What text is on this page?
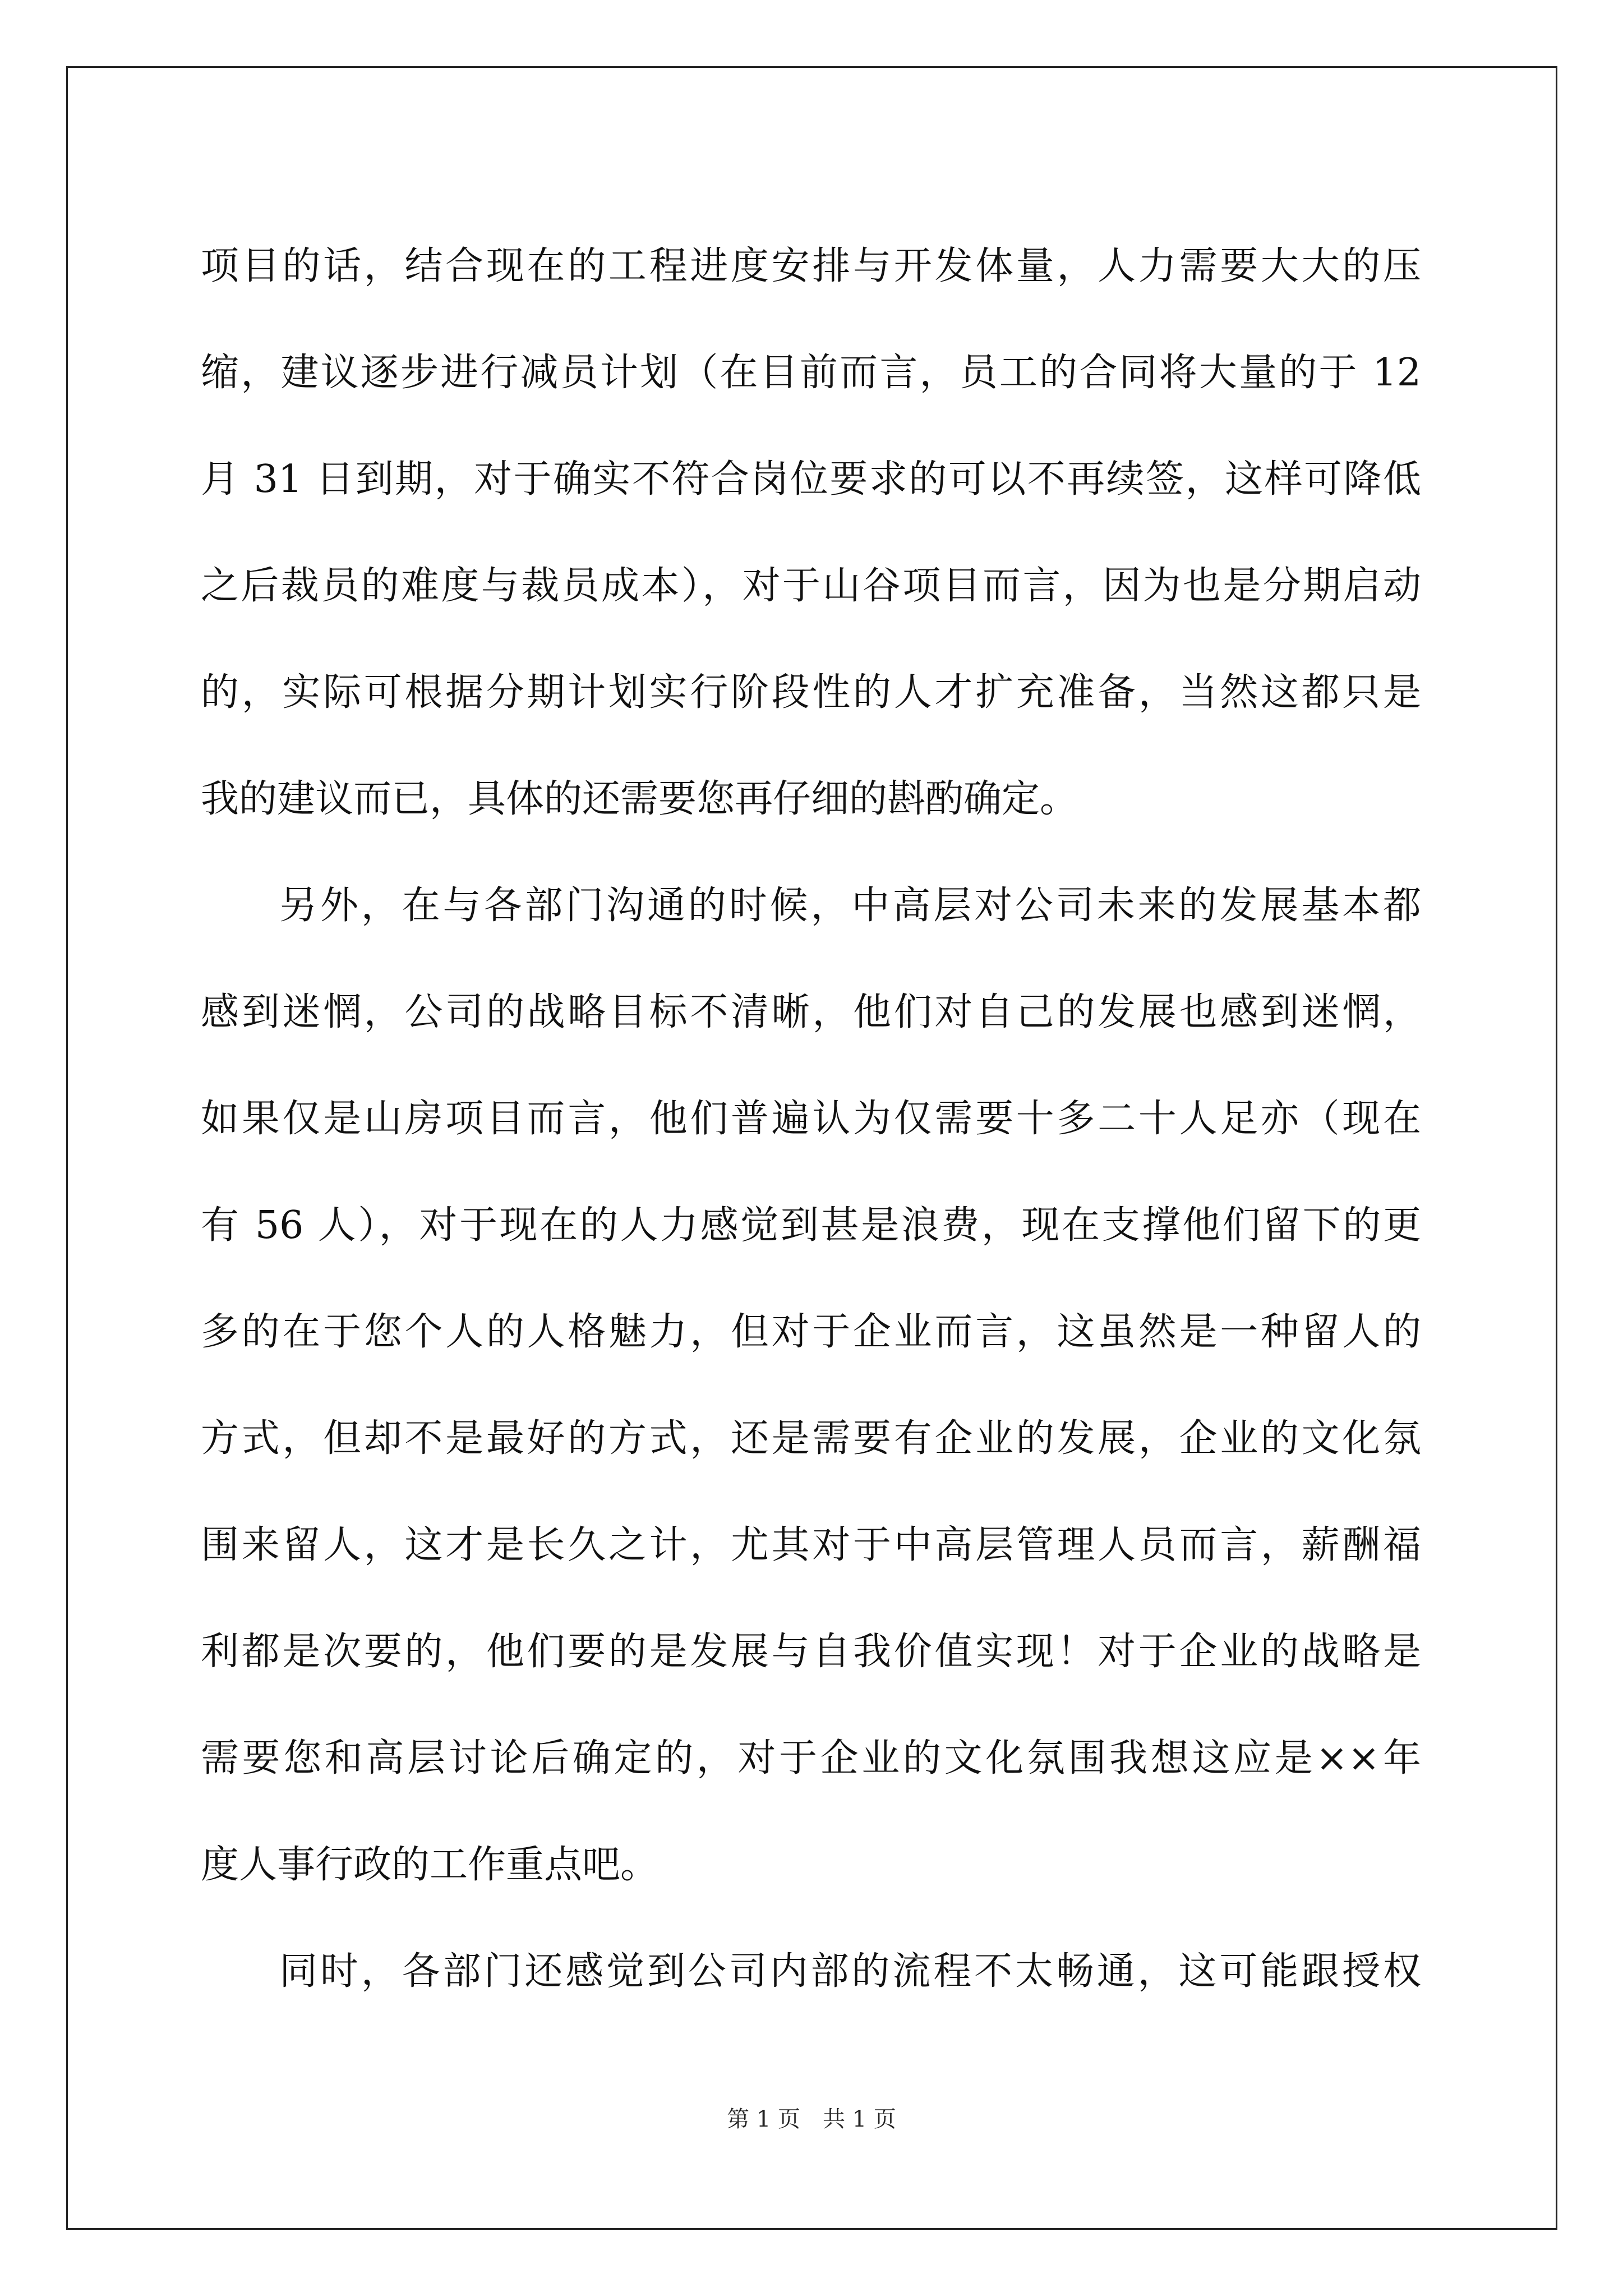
项目的话，结合现在的工程进度安排与开发体量，人力需要大大的压
缩，建议逐步进行减员计划（在目前而言，员工的合同将大量的于 12
月 31 日到期，对于确实不符合岗位要求的可以不再续签，这样可降低
之后裁员的难度与裁员成本），对于山谷项目而言，因为也是分期启动
的，实际可根据分期计划实行阶段性的人才扩充准备，当然这都只是
我的建议而已，具体的还需要您再仔细的斟酌确定。
另外，在与各部门沟通的时候，中高层对公司未来的发展基本都
感到迷惘，公司的战略目标不清晰，他们对自己的发展也感到迷惘，
如果仅是山房项目而言，他们普遍认为仅需要十多二十人足亦（现在
有 56 人），对于现在的人力感觉到甚是浪费，现在支撑他们留下的更
多的在于您个人的人格魅力，但对于企业而言，这虽然是一种留人的
方式，但却不是最好的方式，还是需要有企业的发展，企业的文化氛
围来留人，这才是长久之计，尤其对于中高层管理人员而言，薪酬福
利都是次要的，他们要的是发展与自我价值实现！对于企业的战略是
需要您和高层讨论后确定的，对于企业的文化氛围我想这应是××年
度人事行政的工作重点吧。
同时，各部门还感觉到公司内部的流程不太畅通，这可能跟授权
第 1 页　共 1 页
